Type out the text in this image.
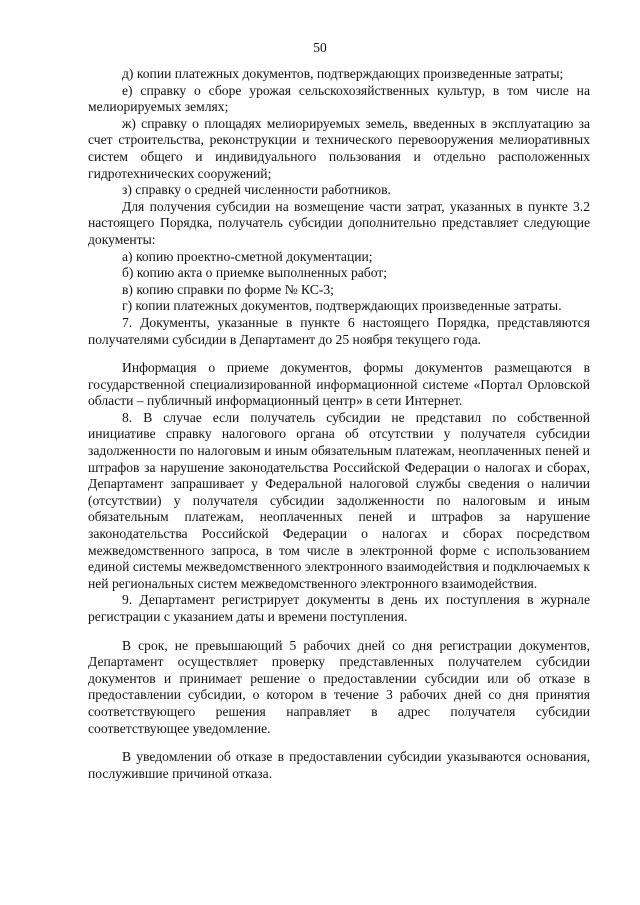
50

д) копии платежных документов, подтверждающих произведенные затраты;

е) справку о сборе урожая сельскохозяйственных культур, в том числе на мелиорируемых землях;

ж) справку о площадях мелиорируемых земель, введенных в эксплуатацию за счет строительства, реконструкции и технического перевооружения мелиоративных систем общего и индивидуального пользования и отдельно расположенных гидротехнических сооружений;

з) справку о средней численности работников.

Для получения субсидии на возмещение части затрат, указанных в пункте 3.2 настоящего Порядка, получатель субсидии дополнительно представляет следующие документы:

а) копию проектно-сметной документации;

б) копию акта о приемке выполненных работ;

в) копию справки по форме № КС-3;

г) копии платежных документов, подтверждающих произведенные затраты.

7. Документы, указанные в пункте 6 настоящего Порядка, представляются получателями субсидии в Департамент до 25 ноября текущего года.

Информация о приеме документов, формы документов размещаются в государственной специализированной информационной системе «Портал Орловской области – публичный информационный центр» в сети Интернет.

8. В случае если получатель субсидии не представил по собственной инициативе справку налогового органа об отсутствии у получателя субсидии задолженности по налоговым и иным обязательным платежам, неоплаченных пеней и штрафов за нарушение законодательства Российской Федерации о налогах и сборах, Департамент запрашивает у Федеральной налоговой службы сведения о наличии (отсутствии) у получателя субсидии задолженности по налоговым и иным обязательным платежам, неоплаченных пеней и штрафов за нарушение законодательства Российской Федерации о налогах и сборах посредством межведомственного запроса, в том числе в электронной форме с использованием единой системы межведомственного электронного взаимодействия и подключаемых к ней региональных систем межведомственного электронного взаимодействия.

9. Департамент регистрирует документы в день их поступления в журнале регистрации с указанием даты и времени поступления.

В срок, не превышающий 5 рабочих дней со дня регистрации документов, Департамент осуществляет проверку представленных получателем субсидии документов и принимает решение о предоставлении субсидии или об отказе в предоставлении субсидии, о котором в течение 3 рабочих дней со дня принятия соответствующего решения направляет в адрес получателя субсидии соответствующее уведомление.

В уведомлении об отказе в предоставлении субсидии указываются основания, послужившие причиной отказа.
